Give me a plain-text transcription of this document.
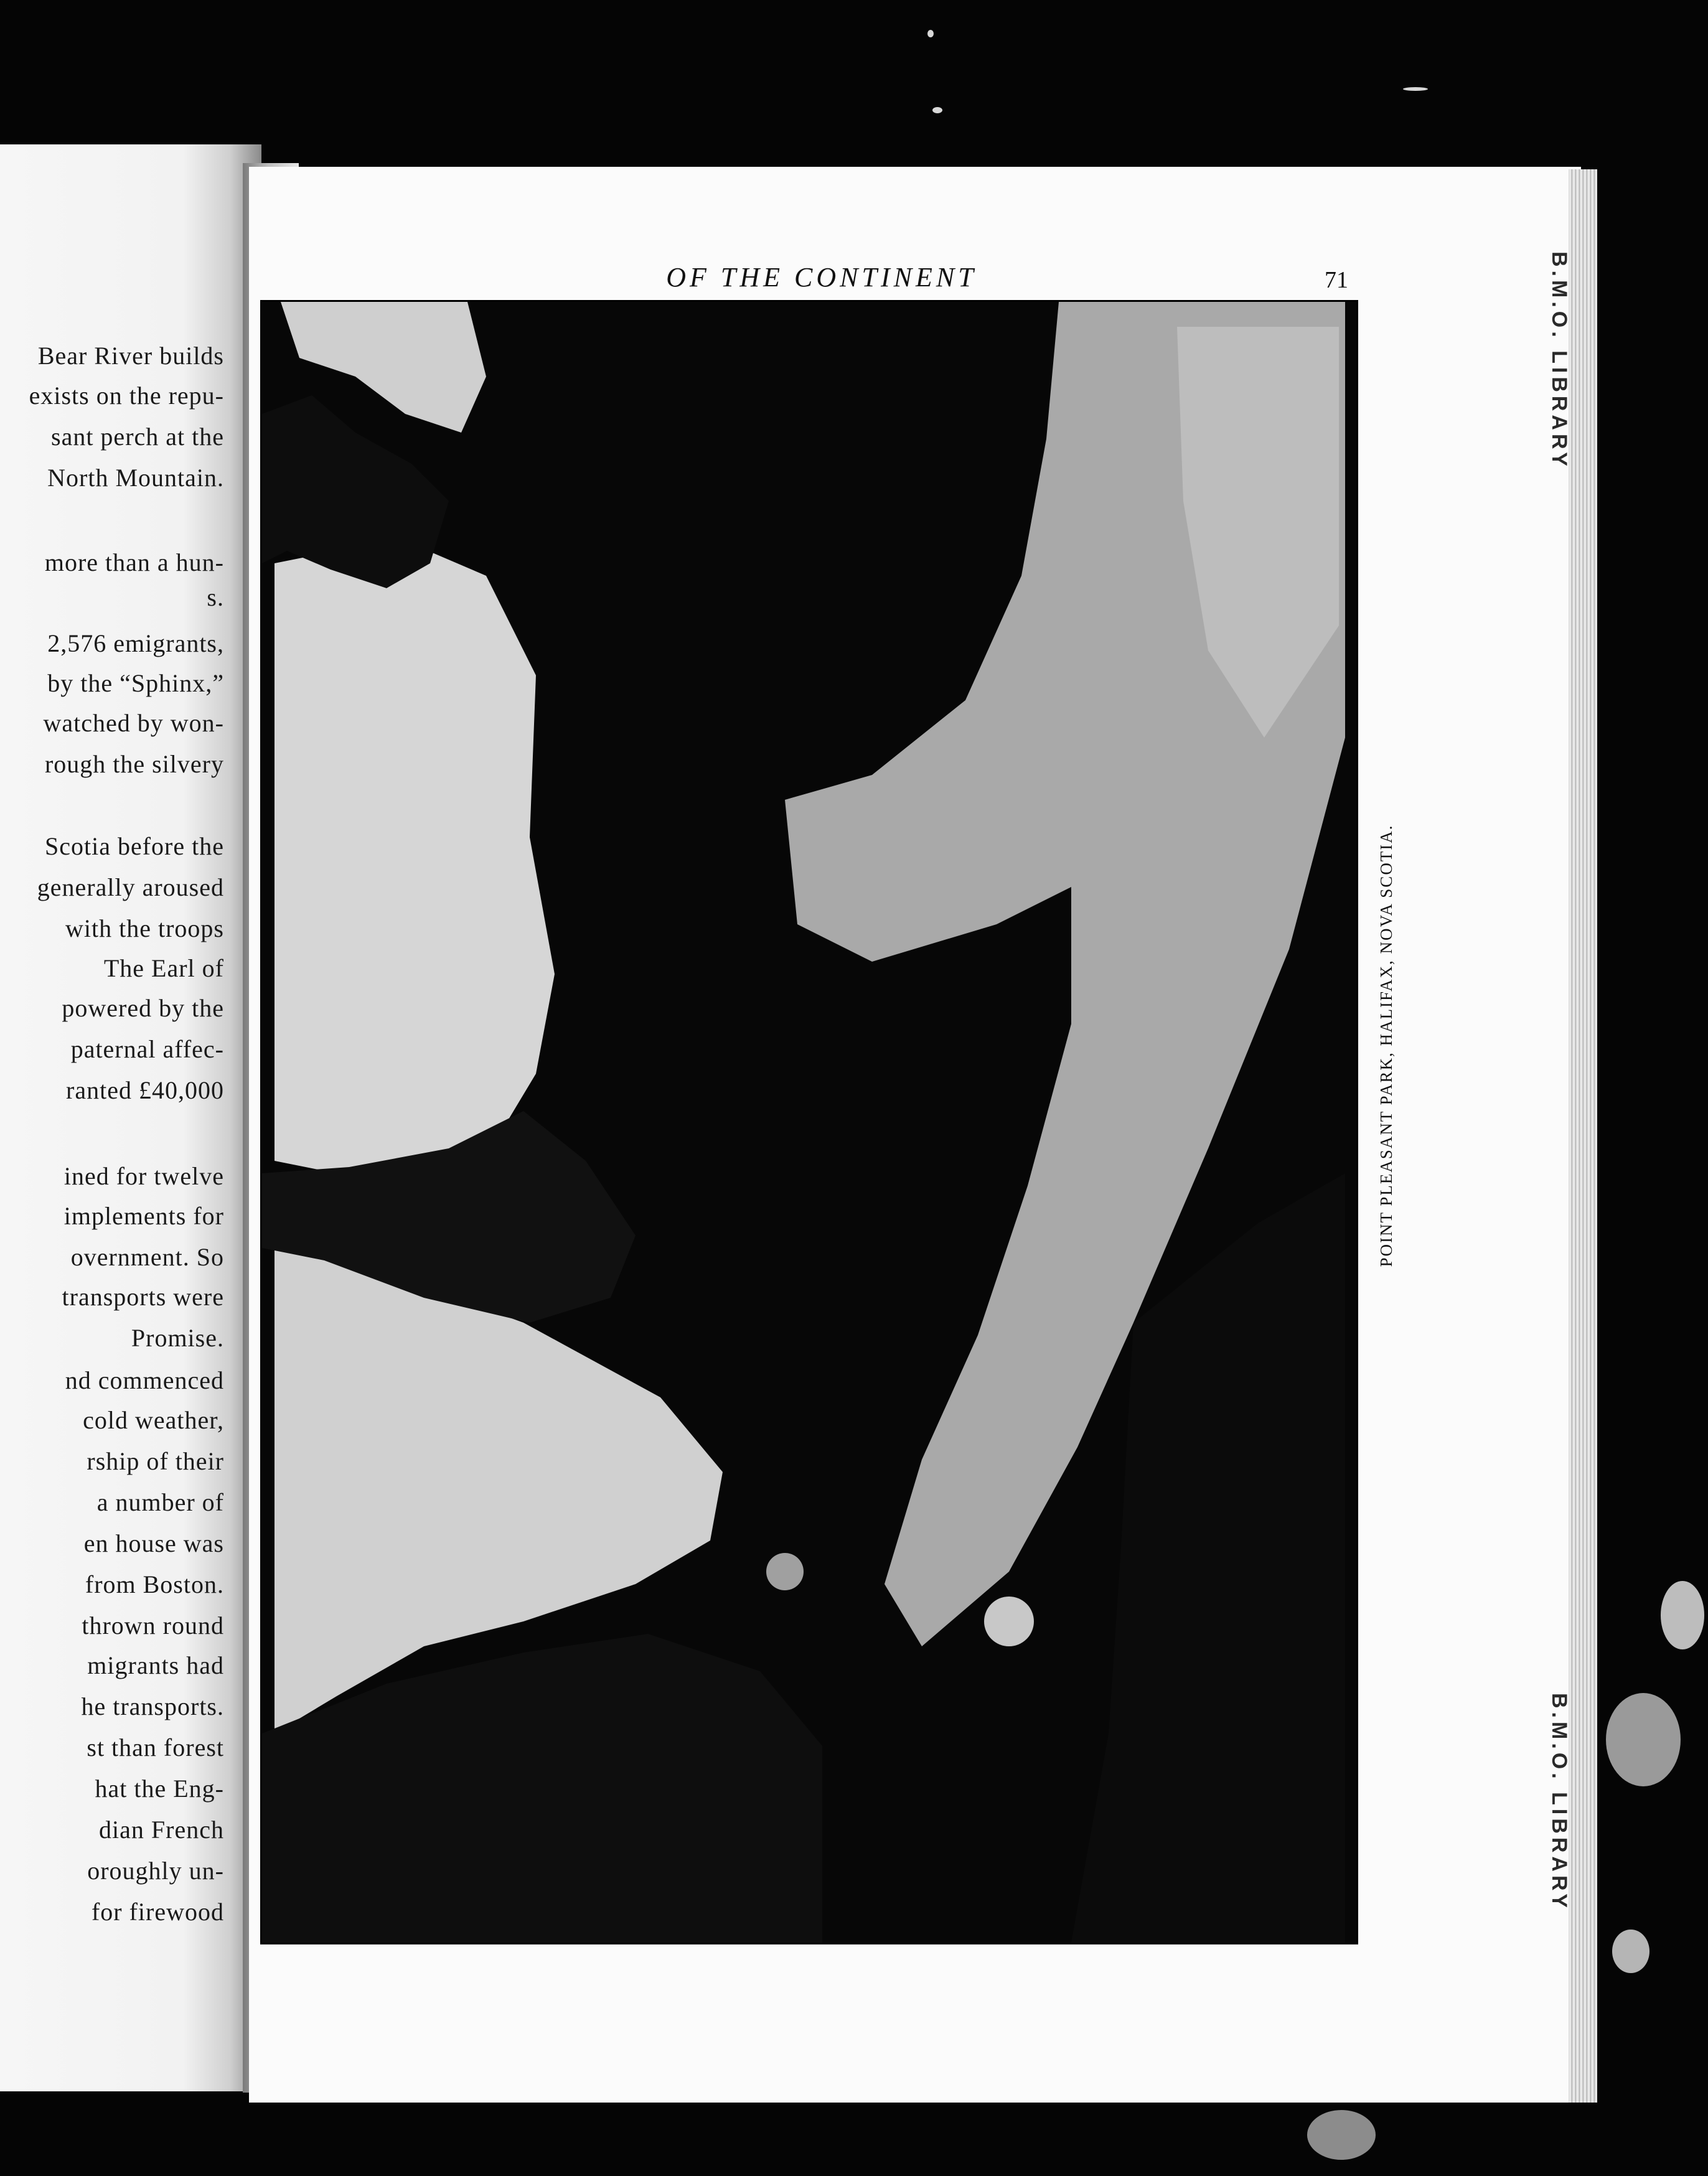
Bear River builds
exists on the repu-
sant perch at the
North Mountain.
more than a hun-
s.
2,576 emigrants,
by the “Sphinx,”
watched by won-
rough the silvery
Scotia before the
generally aroused
with the troops
The Earl of
powered by the
paternal affec-
ranted £40,000
ined for twelve
implements for
overnment. So
transports were
Promise.
nd commenced
cold weather,
rship of their
a number of
en house was
from Boston.
thrown round
migrants had
he transports.
st than forest
hat the Eng-
dian French
oroughly un-
for firewood
OF THE CONTINENT	71
POINT PLEASANT PARK, HALIFAX, NOVA SCOTIA.
B.M.O. LIBRARY
B.M.O. LIBRARY
